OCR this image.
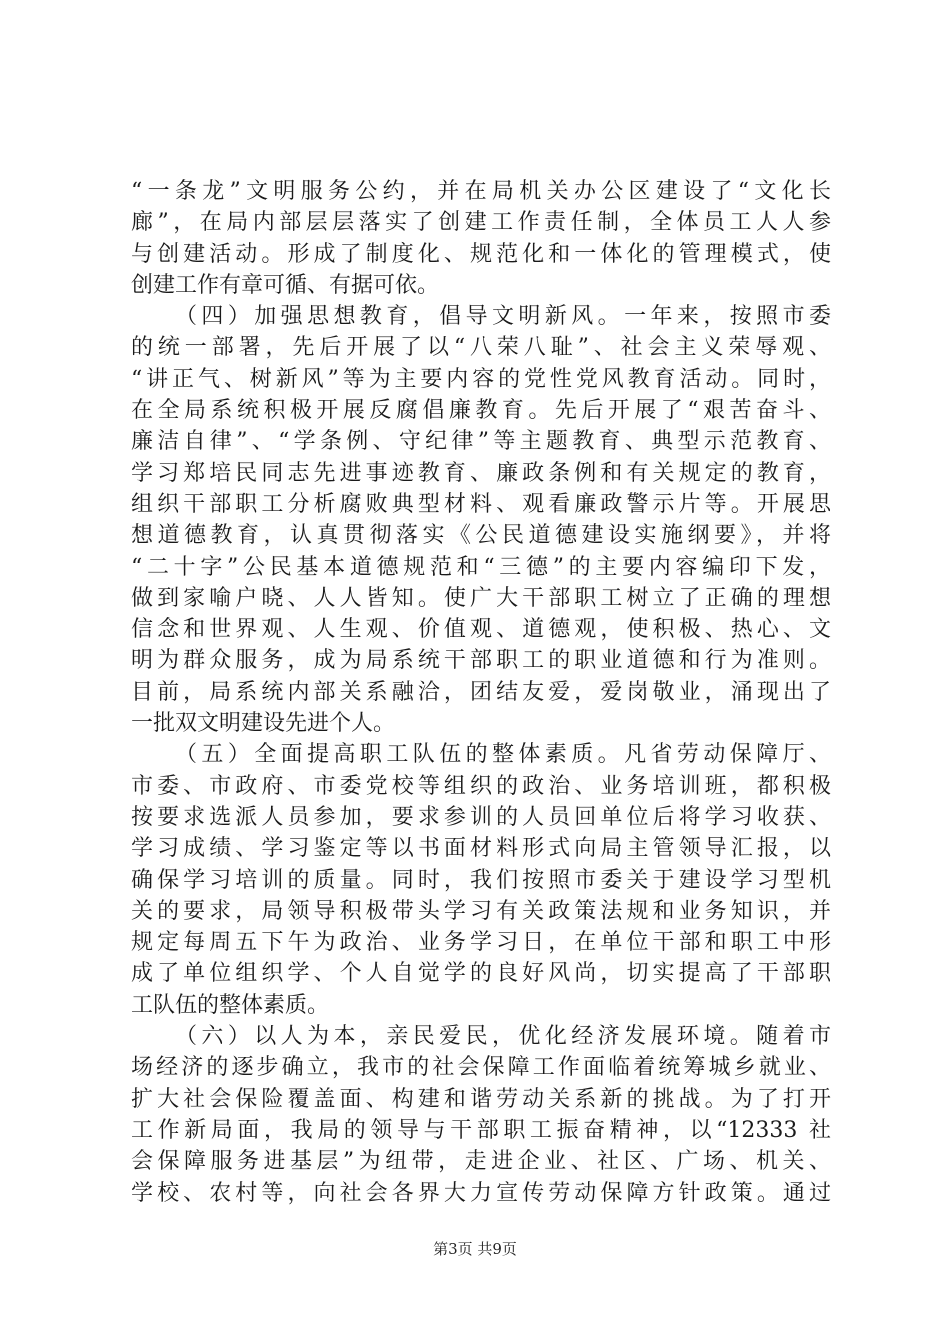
“一条龙”文明服务公约，并在局机关办公区建设了“文化长
廊”，在局内部层层落实了创建工作责任制，全体员工人人参
与创建活动。形成了制度化、规范化和一体化的管理模式，使
创建工作有章可循、有据可依。
（四）加强思想教育，倡导文明新风。一年来，按照市委
的统一部署，先后开展了以“八荣八耻”、社会主义荣辱观、
“讲正气、树新风”等为主要内容的党性党风教育活动。同时，
在全局系统积极开展反腐倡廉教育。先后开展了“艰苦奋斗、
廉洁自律”、“学条例、守纪律”等主题教育、典型示范教育、
学习郑培民同志先进事迹教育、廉政条例和有关规定的教育，
组织干部职工分析腐败典型材料、观看廉政警示片等。开展思
想道德教育，认真贯彻落实《公民道德建设实施纲要》，并将
“二十字”公民基本道德规范和“三德”的主要内容编印下发，
做到家喻户晓、人人皆知。使广大干部职工树立了正确的理想
信念和世界观、人生观、价值观、道德观，使积极、热心、文
明为群众服务，成为局系统干部职工的职业道德和行为准则。
目前，局系统内部关系融洽，团结友爱，爱岗敬业，涌现出了
一批双文明建设先进个人。
（五）全面提高职工队伍的整体素质。凡省劳动保障厅、
市委、市政府、市委党校等组织的政治、业务培训班，都积极
按要求选派人员参加，要求参训的人员回单位后将学习收获、
学习成绩、学习鉴定等以书面材料形式向局主管领导汇报，以
确保学习培训的质量。同时，我们按照市委关于建设学习型机
关的要求，局领导积极带头学习有关政策法规和业务知识，并
规定每周五下午为政治、业务学习日，在单位干部和职工中形
成了单位组织学、个人自觉学的良好风尚，切实提高了干部职
工队伍的整体素质。
（六）以人为本，亲民爱民，优化经济发展环境。随着市
场经济的逐步确立，我市的社会保障工作面临着统筹城乡就业、
扩大社会保险覆盖面、构建和谐劳动关系新的挑战。为了打开
工作新局面，我局的领导与干部职工振奋精神，以“12333 社
会保障服务进基层”为纽带，走进企业、社区、广场、机关、
学校、农村等，向社会各界大力宣传劳动保障方针政策。通过
第3页 共9页
